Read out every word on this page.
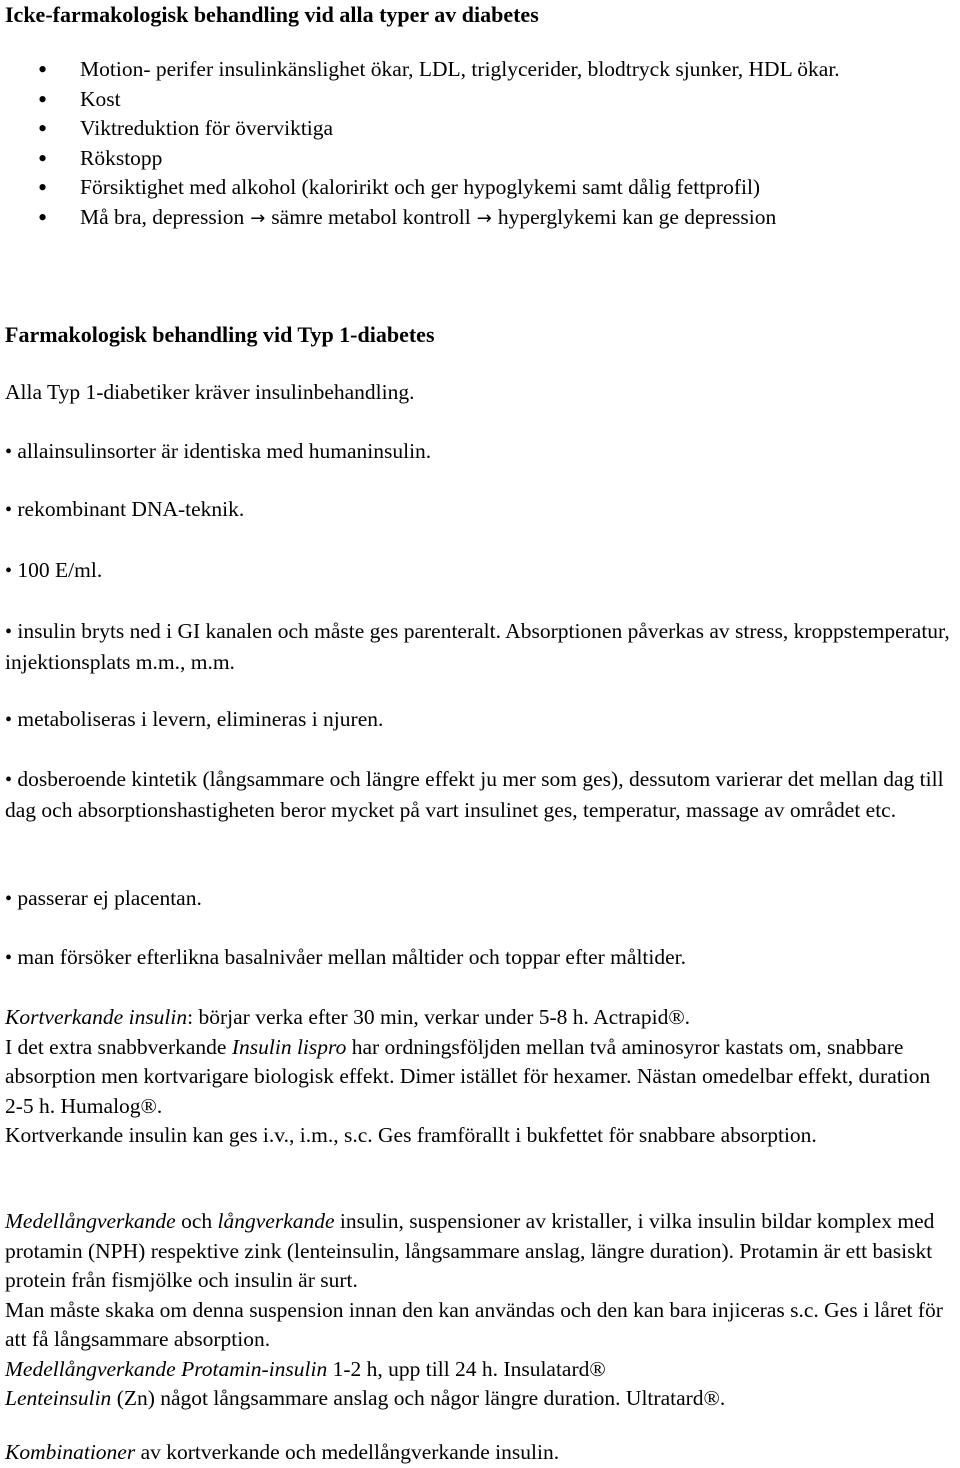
Icke-farmakologisk behandling vid alla typer av diabetes
• Motion- perifer insulinkänslighet ökar, LDL, triglycerider, blodtryck sjunker, HDL ökar.
• Kost
• Viktreduktion för överviktiga
• Rökstopp
• Försiktighet med alkohol (kaloririkt och ger hypoglykemi samt dålig fettprofil)
• Må bra, depression → sämre metabol kontroll → hyperglykemi kan ge depression
Farmakologisk behandling vid Typ 1-diabetes

Alla Typ 1-diabetiker kräver insulinbehandling.

• allainsulinsorter är identiska med humaninsulin.

• rekombinant DNA-teknik.

• 100 E/ml.

• insulin bryts ned i GI kanalen och måste ges parenteralt. Absorptionen påverkas av stress, kroppstemperatur, injektionsplats m.m., m.m.

• metaboliseras i levern, elimineras i njuren.

• dosberoende kintetik (långsammare och längre effekt ju mer som ges), dessutom varierar det mellan dag till dag och absorptionshastigheten beror mycket på vart insulinet ges, temperatur, massage av området etc.

• passerar ej placentan.

• man försöker efterlikna basalnivåer mellan måltider och toppar efter måltider.

Kortverkande insulin: börjar verka efter 30 min, verkar under 5-8 h. Actrapid®.
I det extra snabbverkande Insulin lispro har ordningsföljden mellan två aminosyror kastats om, snabbare absorption men kortvarigare biologisk effekt. Dimer istället för hexamer. Nästan omedelbar effekt, duration 2-5 h. Humalog®.
Kortverkande insulin kan ges i.v., i.m., s.c. Ges framförallt i bukfettet för snabbare absorption.
Medellångverkande och långverkande insulin, suspensioner av kristaller, i vilka insulin bildar komplex med protamin (NPH) respektive zink (lenteinsulin, långsammare anslag, längre duration). Protamin är ett basiskt protein från fismjölke och insulin är surt.
Man måste skaka om denna suspension innan den kan användas och den kan bara injiceras s.c. Ges i låret för att få långsammare absorption.
Medellångverkande Protamin-insulin 1-2 h, upp till 24 h. Insulatard®
Lenteinsulin (Zn) något långsammare anslag och någor längre duration. Ultratard®.

Kombinationer av kortverkande och medellångverkande insulin.
